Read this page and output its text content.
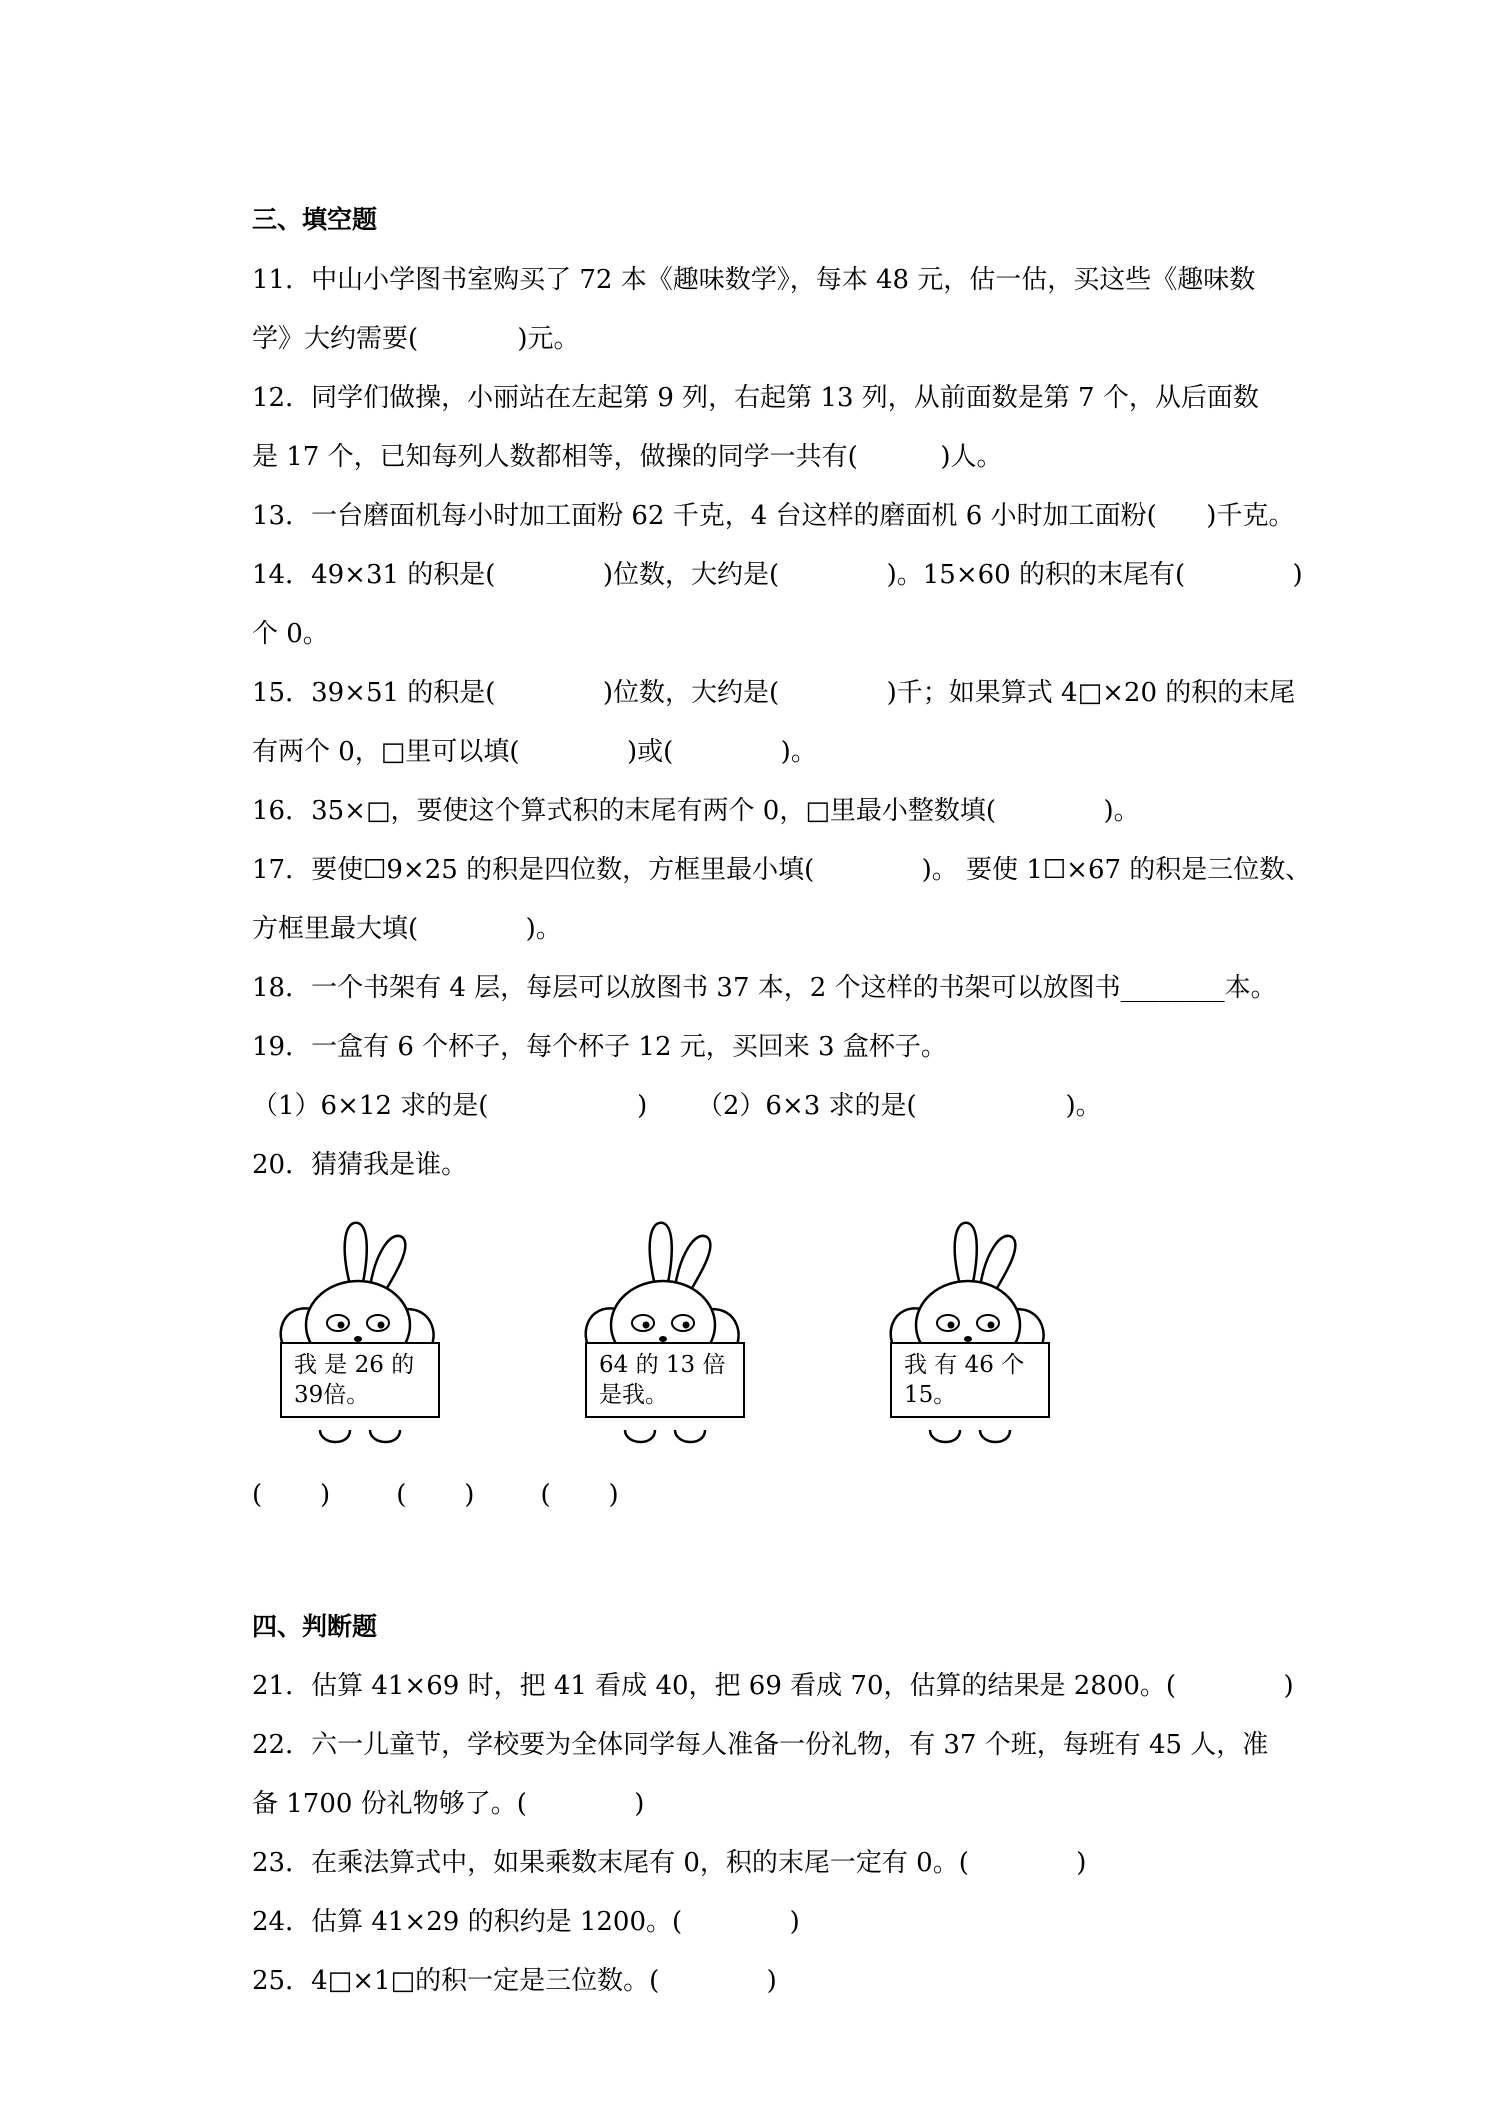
三、填空题
11．中山小学图书室购买了 72 本《趣味数学》，每本 48 元，估一估，买这些《趣味数
学》大约需要(            )元。
12．同学们做操，小丽站在左起第 9 列，右起第 13 列，从前面数是第 7 个，从后面数
是 17 个，已知每列人数都相等，做操的同学一共有(          )人。
13．一台磨面机每小时加工面粉 62 千克，4 台这样的磨面机 6 小时加工面粉(      )千克。
14．49×31 的积是(             )位数，大约是(             )。15×60 的积的末尾有(             )
个 0。
15．39×51 的积是(             )位数，大约是(             )千；如果算式 4□×20 的积的末尾
有两个 0，□里可以填(             )或(             )。
16．35×□，要使这个算式积的末尾有两个 0，□里最小整数填(             )。
17．要使☐9×25 的积是四位数，方框里最小填(             )。 要使 1☐×67 的积是三位数、
方框里最大填(             )。
18．一个书架有 4 层，每层可以放图书 37 本，2 个这样的书架可以放图书________本。
19．一盒有 6 个杯子，每个杯子 12 元，买回来 3 盒杯子。
（1）6×12 求的是(                  )      （2）6×3 求的是(                  )。
20．猜猜我是谁。
我 是 26 的
39倍。
64 的 13 倍
是我。
我 有 46 个
15。
(       )        (       )        (       )
四、判断题
21．估算 41×69 时，把 41 看成 40，把 69 看成 70，估算的结果是 2800。(             )
22．六一儿童节，学校要为全体同学每人准备一份礼物，有 37 个班，每班有 45 人，准
备 1700 份礼物够了。(             )
23．在乘法算式中，如果乘数末尾有 0，积的末尾一定有 0。(             )
24．估算 41×29 的积约是 1200。(             )
25．4□×1□的积一定是三位数。(             )
